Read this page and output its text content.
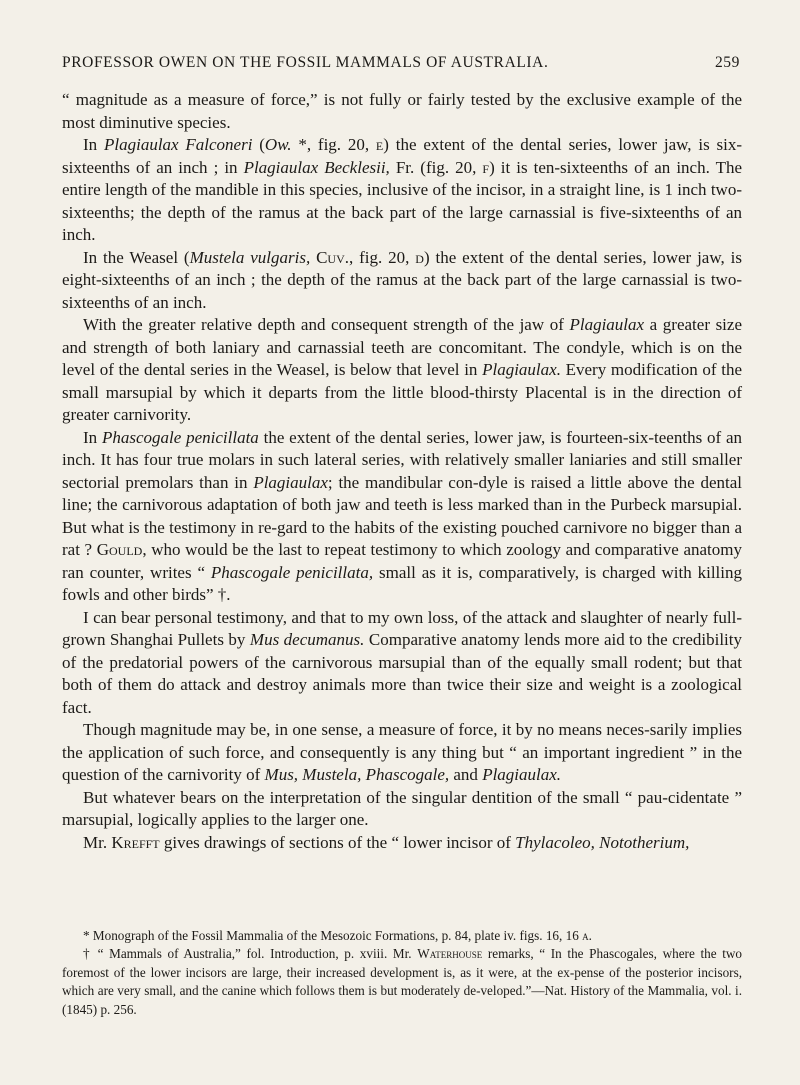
PROFESSOR OWEN ON THE FOSSIL MAMMALS OF AUSTRALIA.	259

“ magnitude as a measure of force,” is not fully or fairly tested by the exclusive example of the most diminutive species.

In Plagiaulax Falconeri (Ow. *, fig. 20, e) the extent of the dental series, lower jaw, is six-sixteenths of an inch ; in Plagiaulax Becklesii, Fr. (fig. 20, f) it is ten-sixteenths of an inch. The entire length of the mandible in this species, inclusive of the incisor, in a straight line, is 1 inch two-sixteenths; the depth of the ramus at the back part of the large carnassial is five-sixteenths of an inch.

In the Weasel (Mustela vulgaris, Cuv., fig. 20, d) the extent of the dental series, lower jaw, is eight-sixteenths of an inch ; the depth of the ramus at the back part of the large carnassial is two-sixteenths of an inch.

With the greater relative depth and consequent strength of the jaw of Plagiaulax a greater size and strength of both laniary and carnassial teeth are concomitant. The condyle, which is on the level of the dental series in the Weasel, is below that level in Plagiaulax. Every modification of the small marsupial by which it departs from the little blood-thirsty Placental is in the direction of greater carnivority.

In Phascogale penicillata the extent of the dental series, lower jaw, is fourteen-six-teenths of an inch. It has four true molars in such lateral series, with relatively smaller laniaries and still smaller sectorial premolars than in Plagiaulax; the mandibular con-dyle is raised a little above the dental line; the carnivorous adaptation of both jaw and teeth is less marked than in the Purbeck marsupial. But what is the testimony in re-gard to the habits of the existing pouched carnivore no bigger than a rat ? Gould, who would be the last to repeat testimony to which zoology and comparative anatomy ran counter, writes “ Phascogale penicillata, small as it is, comparatively, is charged with killing fowls and other birds” †.

I can bear personal testimony, and that to my own loss, of the attack and slaughter of nearly full-grown Shanghai Pullets by Mus decumanus. Comparative anatomy lends more aid to the credibility of the predatorial powers of the carnivorous marsupial than of the equally small rodent; but that both of them do attack and destroy animals more than twice their size and weight is a zoological fact.

Though magnitude may be, in one sense, a measure of force, it by no means neces-sarily implies the application of such force, and consequently is any thing but “ an important ingredient ” in the question of the carnivority of Mus, Mustela, Phascogale, and Plagiaulax.

But whatever bears on the interpretation of the singular dentition of the small “ pau-cidentate ” marsupial, logically applies to the larger one.

Mr. Krefft gives drawings of sections of the “ lower incisor of Thylacoleo, Nototherium,

* Monograph of the Fossil Mammalia of the Mesozoic Formations, p. 84, plate iv. figs. 16, 16 a.

† “ Mammals of Australia,” fol. Introduction, p. xviii. Mr. Waterhouse remarks, “ In the Phascogales, where the two foremost of the lower incisors are large, their increased development is, as it were, at the ex-pense of the posterior incisors, which are very small, and the canine which follows them is but moderately de-veloped.”—Nat. History of the Mammalia, vol. i. (1845) p. 256.
